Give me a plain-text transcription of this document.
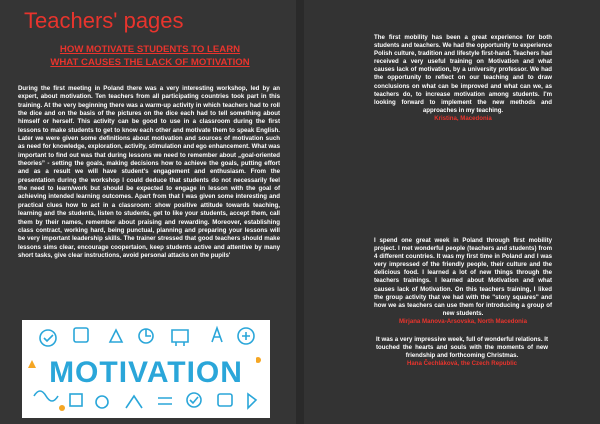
Teachers' pages
HOW MOTIVATE STUDENTS TO LEARN
WHAT CAUSES THE LACK OF MOTIVATION
During the first meeting in Poland there was a very interesting workshop, led by an expert, about motivation. Ten teachers from all participating countries took part in this training. At the very beginning there was a warm-up activity in which teachers had to roll the dice and on the basis of the pictures on the dice each had to tell something about himself or herself. This activity can be good to use in a classroom during the first lessons to make students to get to know each other and motivate them to speak English. Later we were given some definitions about motivation and sources of motivation such as need for knowledge, exploration, activity, stimulation and ego enhancement. What was important to find out was that during lessons we need to remember about „goal-oriented theories” - setting the goals, making decisions how to achieve the goals, putting effort and as a result we will have student's engagement and enthusiasm. From the presentation during the workshop I could deduce that students do not necessarily feel the need to learn/work but should be expected to engage in lesson with the goal of achieving intended learning outcomes. Apart from that I was given some interesting and practical clues how to act in a classroom: show positive attitude towards teaching, learning and the students, listen to students, get to like your students, accept them, call them by their names, remember about praising and rewarding. Moreover, establishing class contract, working hard, being punctual, planning and preparing your lessons will be very important leadership skills. The trainer stressed that good teachers should make lessons sims clear, encourage coopertaion, keep students active and attentive by many short tasks, give clear instructions, avoid personal attacks on the pupils'
MOTIVATION
The first mobility has been a great experience for both students and teachers. We had the opportunity to experience Polish culture, tradition and lifestyle first-hand. Teachers had received a very useful training on Motivation and what causes lack of motivation, by a university professor. We had the opportunity to reflect on our teaching and to draw conclusions on what can be improved and what can we, as teachers do, to increase motivation among students. I'm looking forward to implement the new methods and approaches in my teaching.
Kristina, Macedonia
I spend one great week in Poland through first mobility project. I met wonderful people (teachers and students) from 4 different countries. It was my first time in Poland and I was very impressed of the friendly people, their culture and the delicious food. I learned a lot of new things through the teachers trainings. I learned about Motivation and what causes lack of Motivation. On this teachers training, I liked the group activity that we had with the "story squares" and how we as teachers can use them for introducing a group of new students.
Mirjana Manova-Arsovska, North Macedonia
It was a very impressive week, full of wonderful relations. It touched the hearts and souls with the moments of new friendship and forthcoming Christmas.
Hana Čechláková, the Czech Republic
